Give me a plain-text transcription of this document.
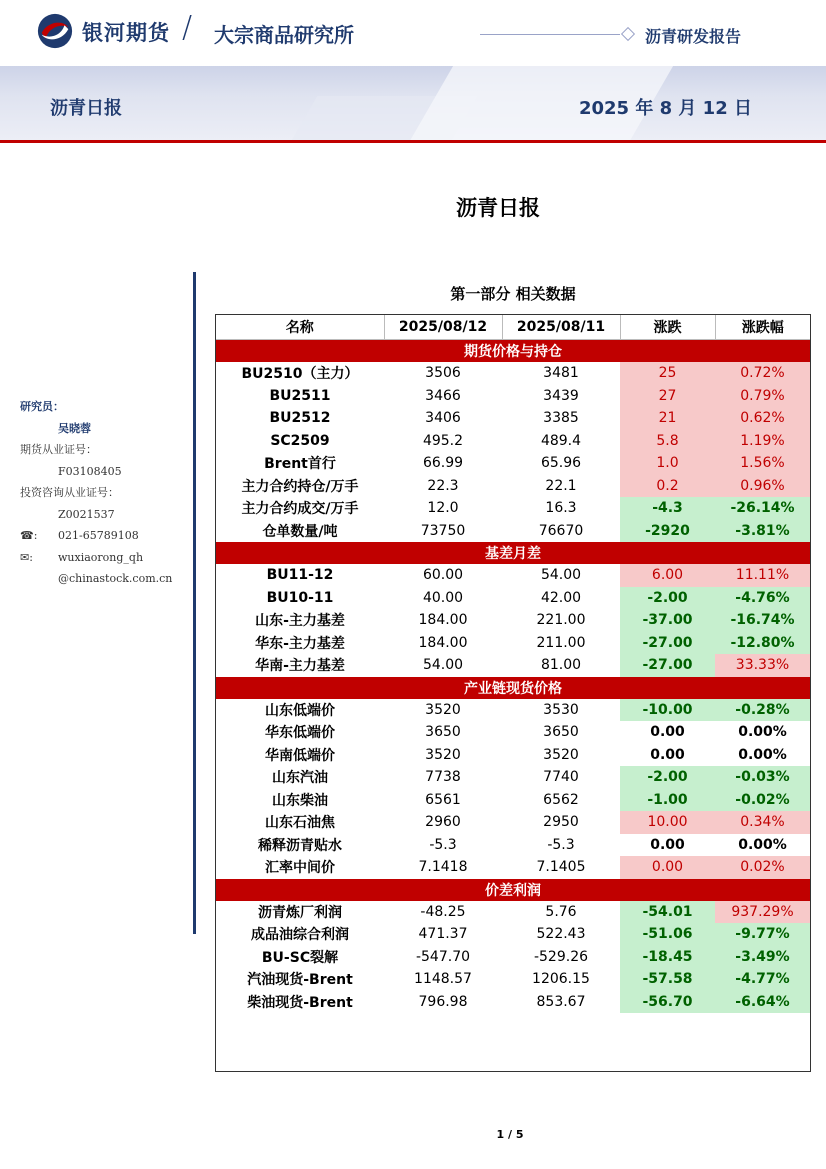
银河期货 / 大宗商品研究所	沥青研发报告
沥青日报	2025 年 8 月 12 日
沥青日报
研究员：
吴晓蓉
期货从业证号：
F03108405
投资咨询从业证号：
Z0021537
☎:	021-65789108
✉:	wuxiaorong_qh
@chinastock.com.cn
第一部分 相关数据
名称	2025/08/12	2025/08/11	涨跌	涨跌幅
期货价格与持仓				
BU2510（主力）	3506	3481	25	0.72%
BU2511	3466	3439	27	0.79%
BU2512	3406	3385	21	0.62%
SC2509	495.2	489.4	5.8	1.19%
Brent首行	66.99	65.96	1.0	1.56%
主力合约持仓/万手	22.3	22.1	0.2	0.96%
主力合约成交/万手	12.0	16.3	-4.3	-26.14%
仓单数量/吨	73750	76670	-2920	-3.81%
基差月差				
BU11-12	60.00	54.00	6.00	11.11%
BU10-11	40.00	42.00	-2.00	-4.76%
山东-主力基差	184.00	221.00	-37.00	-16.74%
华东-主力基差	184.00	211.00	-27.00	-12.80%
华南-主力基差	54.00	81.00	-27.00	33.33%
产业链现货价格				
山东低端价	3520	3530	-10.00	-0.28%
华东低端价	3650	3650	0.00	0.00%
华南低端价	3520	3520	0.00	0.00%
山东汽油	7738	7740	-2.00	-0.03%
山东柴油	6561	6562	-1.00	-0.02%
山东石油焦	2960	2950	10.00	0.34%
稀释沥青贴水	-5.3	-5.3	0.00	0.00%
汇率中间价	7.1418	7.1405	0.00	0.02%
价差利润				
沥青炼厂利润	-48.25	5.76	-54.01	937.29%
成品油综合利润	471.37	522.43	-51.06	-9.77%
BU-SC裂解	-547.70	-529.26	-18.45	-3.49%
汽油现货-Brent	1148.57	1206.15	-57.58	-4.77%
柴油现货-Brent	796.98	853.67	-56.70	-6.64%
1 / 5
